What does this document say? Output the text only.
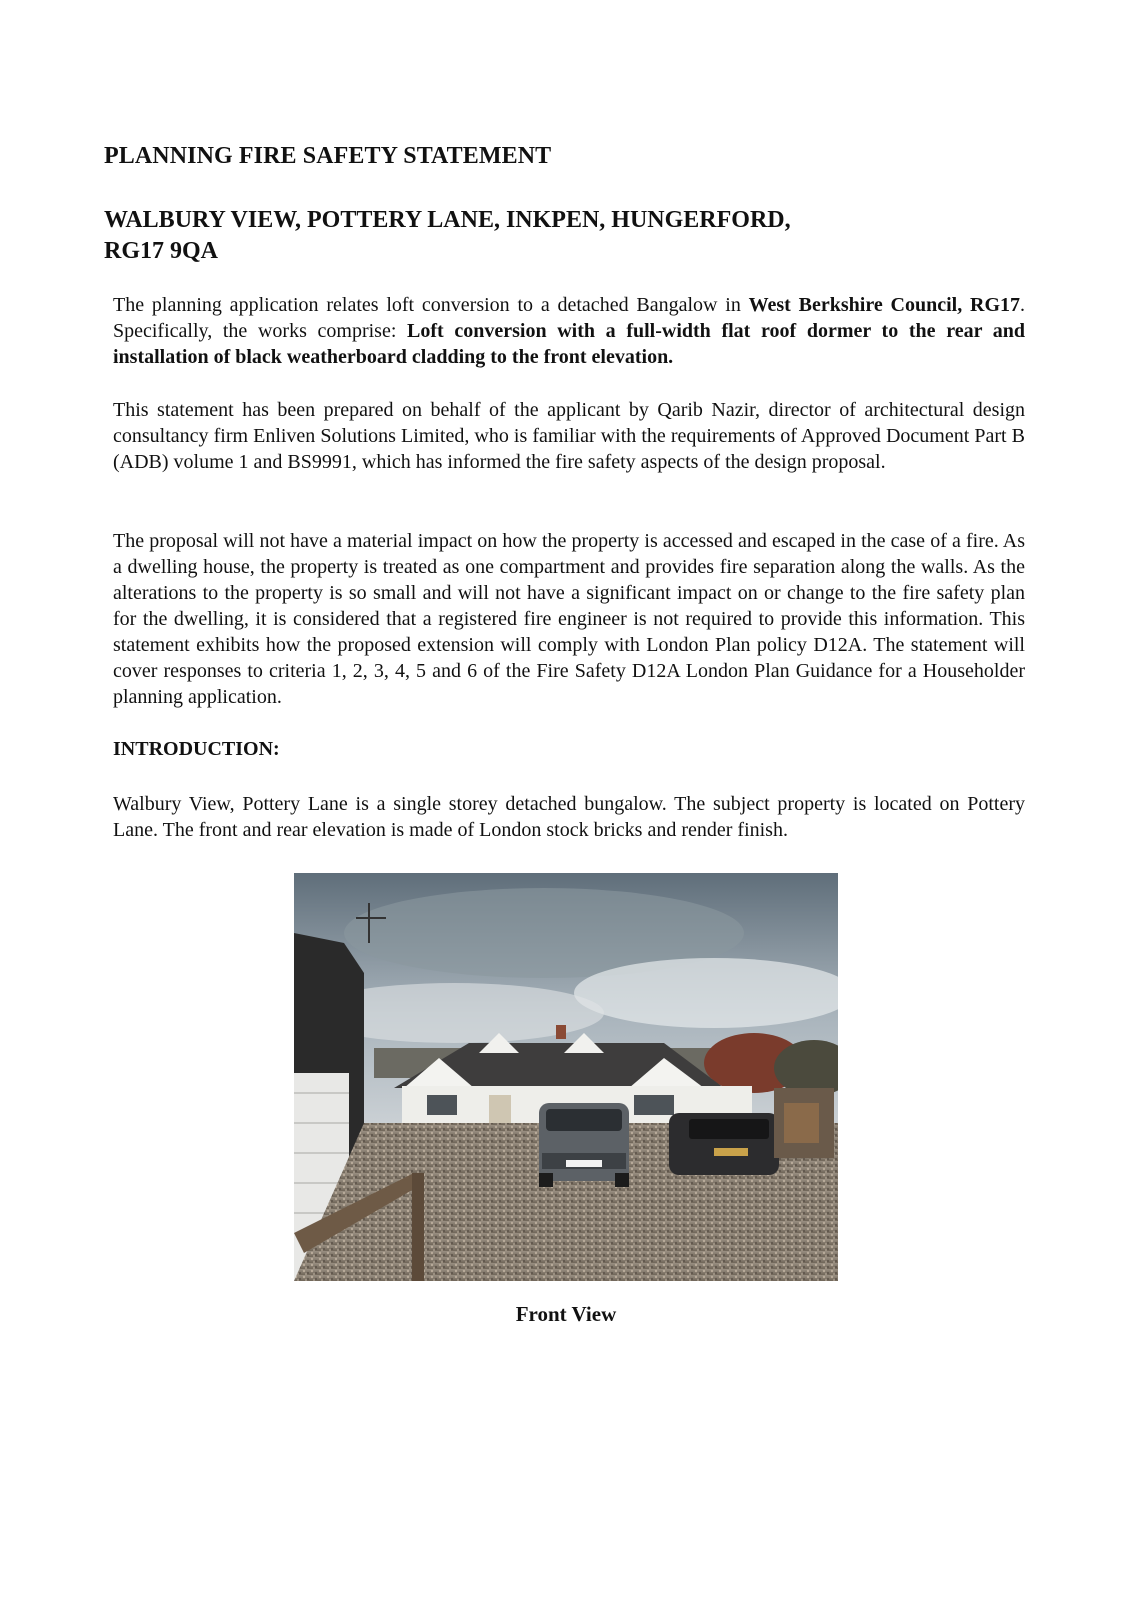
PLANNING FIRE SAFETY STATEMENT
WALBURY VIEW, POTTERY LANE, INKPEN, HUNGERFORD,
RG17 9QA

The planning application relates loft conversion to a detached Bangalow in West Berkshire Council, RG17. Specifically, the works comprise: Loft conversion with a full-width flat roof dormer to the rear and installation of black weatherboard cladding to the front elevation.

This statement has been prepared on behalf of the applicant by Qarib Nazir, director of architectural design consultancy firm Enliven Solutions Limited, who is familiar with the requirements of Approved Document Part B (ADB) volume 1 and BS9991, which has informed the fire safety aspects of the design proposal.

The proposal will not have a material impact on how the property is accessed and escaped in the case of a fire. As a dwelling house, the property is treated as one compartment and provides fire separation along the walls. As the alterations to the property is so small and will not have a significant impact on or change to the fire safety plan for the dwelling, it is considered that a registered fire engineer is not required to provide this information. This statement exhibits how the proposed extension will comply with London Plan policy D12A. The statement will cover responses to criteria 1, 2, 3, 4, 5 and 6 of the Fire Safety D12A London Plan Guidance for a Householder planning application.

INTRODUCTION:

Walbury View, Pottery Lane is a single storey detached bungalow. The subject property is located on Pottery Lane. The front and rear elevation is made of London stock bricks and render finish.

Front View
